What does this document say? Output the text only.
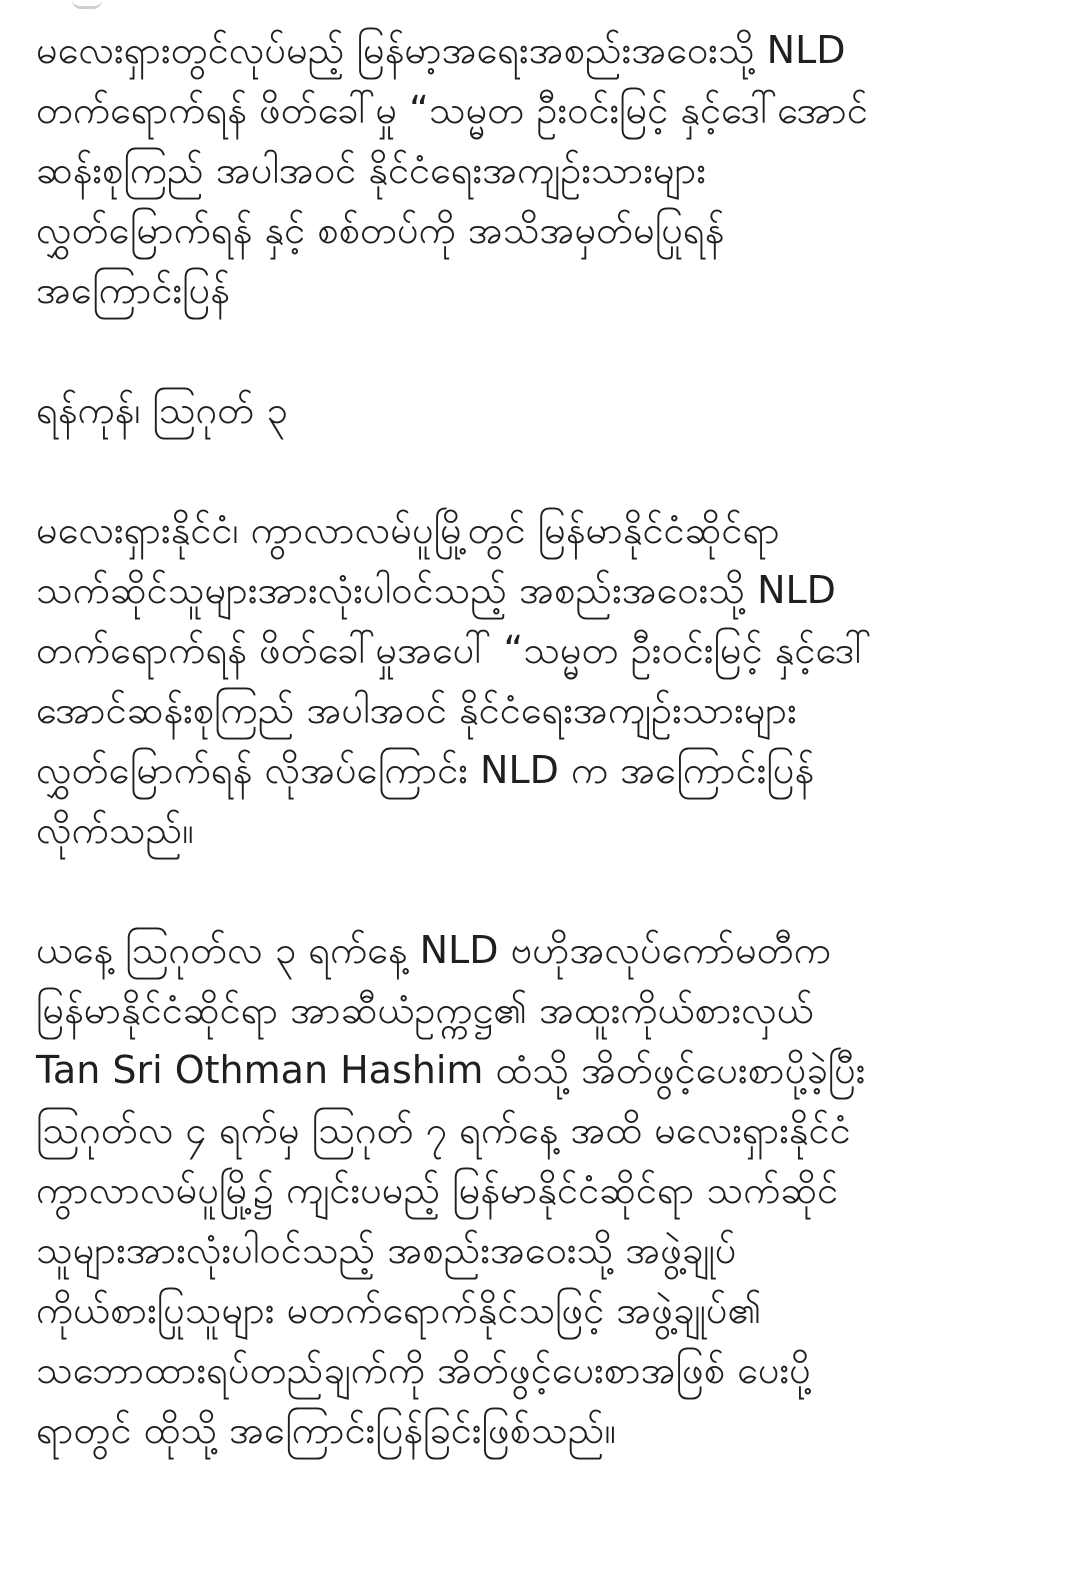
မလေးရှားတွင်လုပ်မည့် မြန်မာ့အရေးအစည်းအဝေးသို့ NLD
တက်ရောက်ရန် ဖိတ်ခေါ်မှု “သမ္မတ ဦးဝင်းမြင့် နှင့်ဒေါ်အောင်
ဆန်းစုကြည် အပါအဝင် နိုင်ငံရေးအကျဉ်းသားများ
လွှတ်မြောက်ရန် နှင့် စစ်တပ်ကို အသိအမှတ်မပြုရန်
အကြောင်းပြန်

ရန်ကုန်၊ ဩဂုတ် ၃

မလေးရှားနိုင်ငံ၊ ကွာလာလမ်ပူမြို့တွင် မြန်မာနိုင်ငံဆိုင်ရာ
သက်ဆိုင်သူများအားလုံးပါဝင်သည့် အစည်းအဝေးသို့ NLD
တက်ရောက်ရန် ဖိတ်ခေါ်မှုအပေါ် “သမ္မတ ဦးဝင်းမြင့် နှင့်ဒေါ်
အောင်ဆန်းစုကြည် အပါအဝင် နိုင်ငံရေးအကျဉ်းသားများ
လွှတ်မြောက်ရန် လိုအပ်ကြောင်း NLD က အကြောင်းပြန်
လိုက်သည်။

ယနေ့ ဩဂုတ်လ ၃ ရက်နေ့ NLD ဗဟိုအလုပ်ကော်မတီက
မြန်မာနိုင်ငံဆိုင်ရာ အာဆီယံဥက္ကဋ္ဌ၏ အထူးကိုယ်စားလှယ်
Tan Sri Othman Hashim ထံသို့ အိတ်ဖွင့်ပေးစာပို့ခဲ့ပြီး
ဩဂုတ်လ ၄ ရက်မှ ဩဂုတ် ၇ ရက်နေ့ အထိ မလေးရှားနိုင်ငံ
ကွာလာလမ်ပူမြို့၌ ကျင်းပမည့် မြန်မာနိုင်ငံဆိုင်ရာ သက်ဆိုင်
သူများအားလုံးပါဝင်သည့် အစည်းအဝေးသို့ အဖွဲ့ချုပ်
ကိုယ်စားပြုသူများ မတက်ရောက်နိုင်သဖြင့် အဖွဲ့ချုပ်၏
သဘောထားရပ်တည်ချက်ကို အိတ်ဖွင့်ပေးစာအဖြစ် ပေးပို့
ရာတွင် ထိုသို့ အကြောင်းပြန်ခြင်းဖြစ်သည်။
